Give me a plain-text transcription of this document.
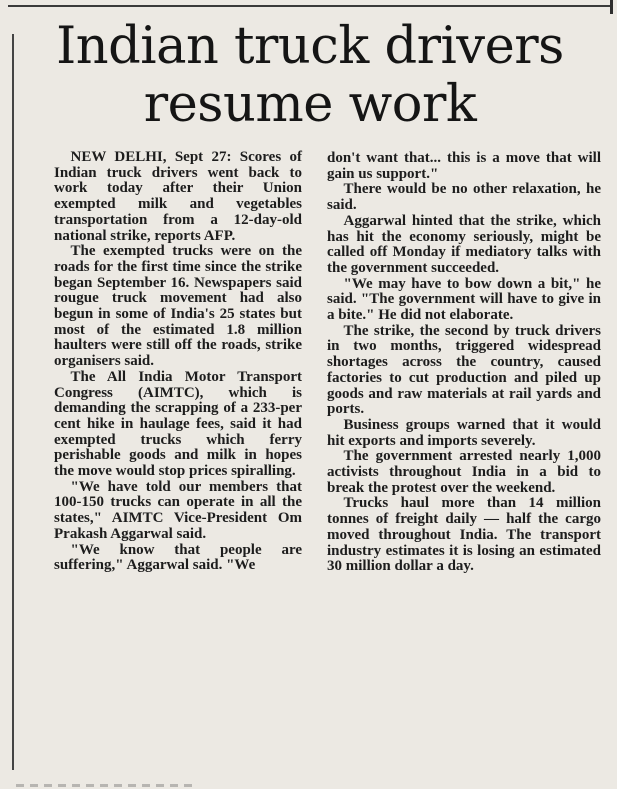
Indian truck drivers
resume work

NEW DELHI, Sept 27: Scores of Indian truck drivers went back to work today after their Union exempted milk and vegetables transportation from a 12-day-old national strike, reports AFP.

The exempted trucks were on the roads for the first time since the strike began September 16. Newspapers said rougue truck movement had also begun in some of India's 25 states but most of the estimated 1.8 million haulters were still off the roads, strike organisers said.

The All India Motor Transport Congress (AIMTC), which is demanding the scrapping of a 233-per cent hike in haulage fees, said it had exempted trucks which ferry perishable goods and milk in hopes the move would stop prices spiralling.

"We have told our members that 100-150 trucks can operate in all the states," AIMTC Vice-President Om Prakash Aggarwal said.

"We know that people are suffering," Aggarwal said. "We

don't want that... this is a move that will gain us support."

There would be no other relaxation, he said.

Aggarwal hinted that the strike, which has hit the economy seriously, might be called off Monday if mediatory talks with the government succeeded.

"We may have to bow down a bit," he said. "The government will have to give in a bite." He did not elaborate.

The strike, the second by truck drivers in two months, triggered widespread shortages across the country, caused factories to cut production and piled up goods and raw materials at rail yards and ports.

Business groups warned that it would hit exports and imports severely.

The government arrested nearly 1,000 activists throughout India in a bid to break the protest over the weekend.

Trucks haul more than 14 million tonnes of freight daily — half the cargo moved throughout India. The transport industry estimates it is losing an estimated 30 million dollar a day.
